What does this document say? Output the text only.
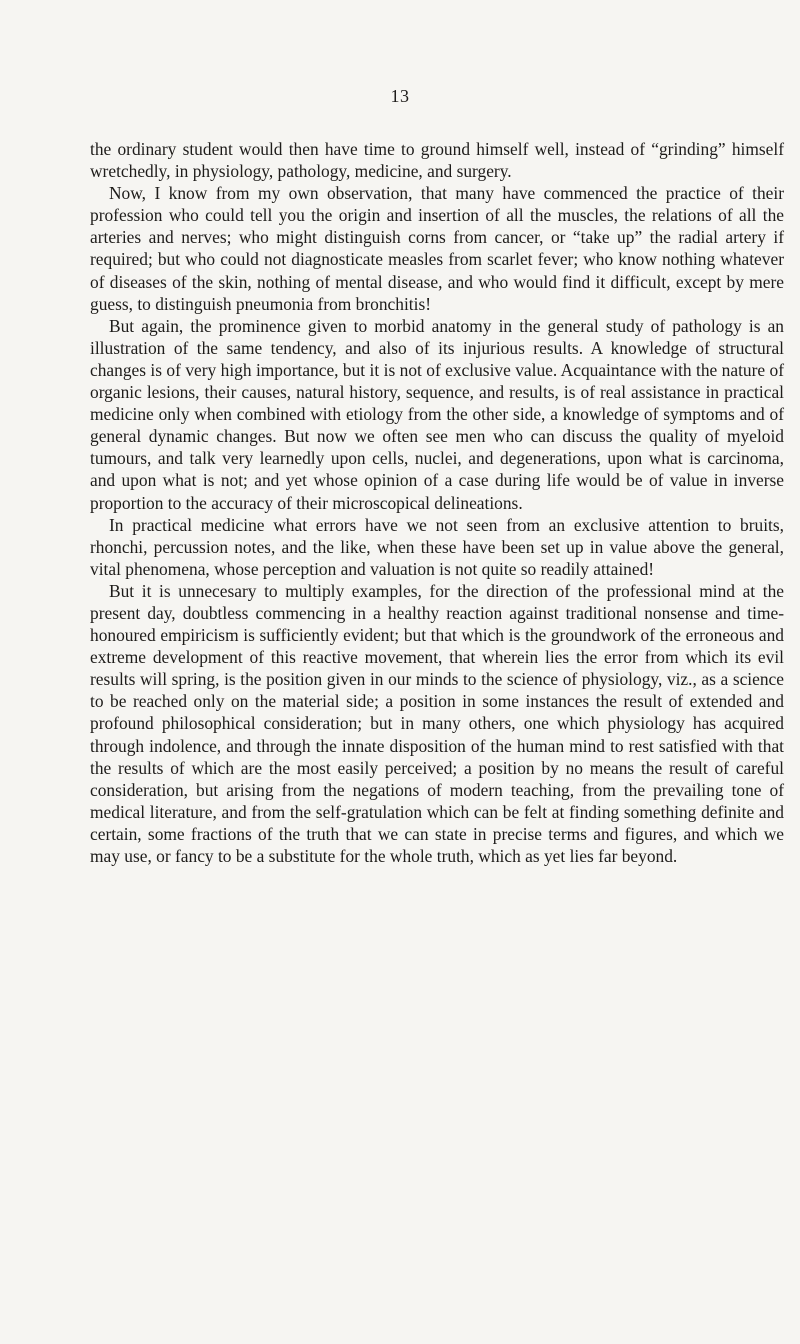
13

the ordinary student would then have time to ground himself well, instead of “grinding” himself wretchedly, in physiology, pathology, medicine, and surgery.

Now, I know from my own observation, that many have commenced the practice of their profession who could tell you the origin and insertion of all the muscles, the relations of all the arteries and nerves; who might distinguish corns from cancer, or “take up” the radial artery if required; but who could not diagnosticate measles from scarlet fever; who know nothing whatever of diseases of the skin, nothing of mental disease, and who would find it difficult, except by mere guess, to distinguish pneumonia from bronchitis!

But again, the prominence given to morbid anatomy in the general study of pathology is an illustration of the same tendency, and also of its injurious results. A knowledge of structural changes is of very high importance, but it is not of exclusive value. Acquaintance with the nature of organic lesions, their causes, natural history, sequence, and results, is of real assistance in practical medicine only when combined with etiology from the other side, a knowledge of symptoms and of general dynamic changes. But now we often see men who can discuss the quality of myeloid tumours, and talk very learnedly upon cells, nuclei, and degenerations, upon what is carcinoma, and upon what is not; and yet whose opinion of a case during life would be of value in inverse proportion to the accuracy of their microscopical delineations.

In practical medicine what errors have we not seen from an exclusive attention to bruits, rhonchi, percussion notes, and the like, when these have been set up in value above the general, vital phenomena, whose perception and valuation is not quite so readily attained!

But it is unnecesary to multiply examples, for the direction of the professional mind at the present day, doubtless commencing in a healthy reaction against traditional nonsense and time-honoured empiricism is sufficiently evident; but that which is the groundwork of the erroneous and extreme development of this reactive movement, that wherein lies the error from which its evil results will spring, is the position given in our minds to the science of physiology, viz., as a science to be reached only on the material side; a position in some instances the result of extended and profound philosophical consideration; but in many others, one which physiology has acquired through indolence, and through the innate disposition of the human mind to rest satisfied with that the results of which are the most easily perceived; a position by no means the result of careful consideration, but arising from the negations of modern teaching, from the prevailing tone of medical literature, and from the self-gratulation which can be felt at finding something definite and certain, some fractions of the truth that we can state in precise terms and figures, and which we may use, or fancy to be a substitute for the whole truth, which as yet lies far beyond.
